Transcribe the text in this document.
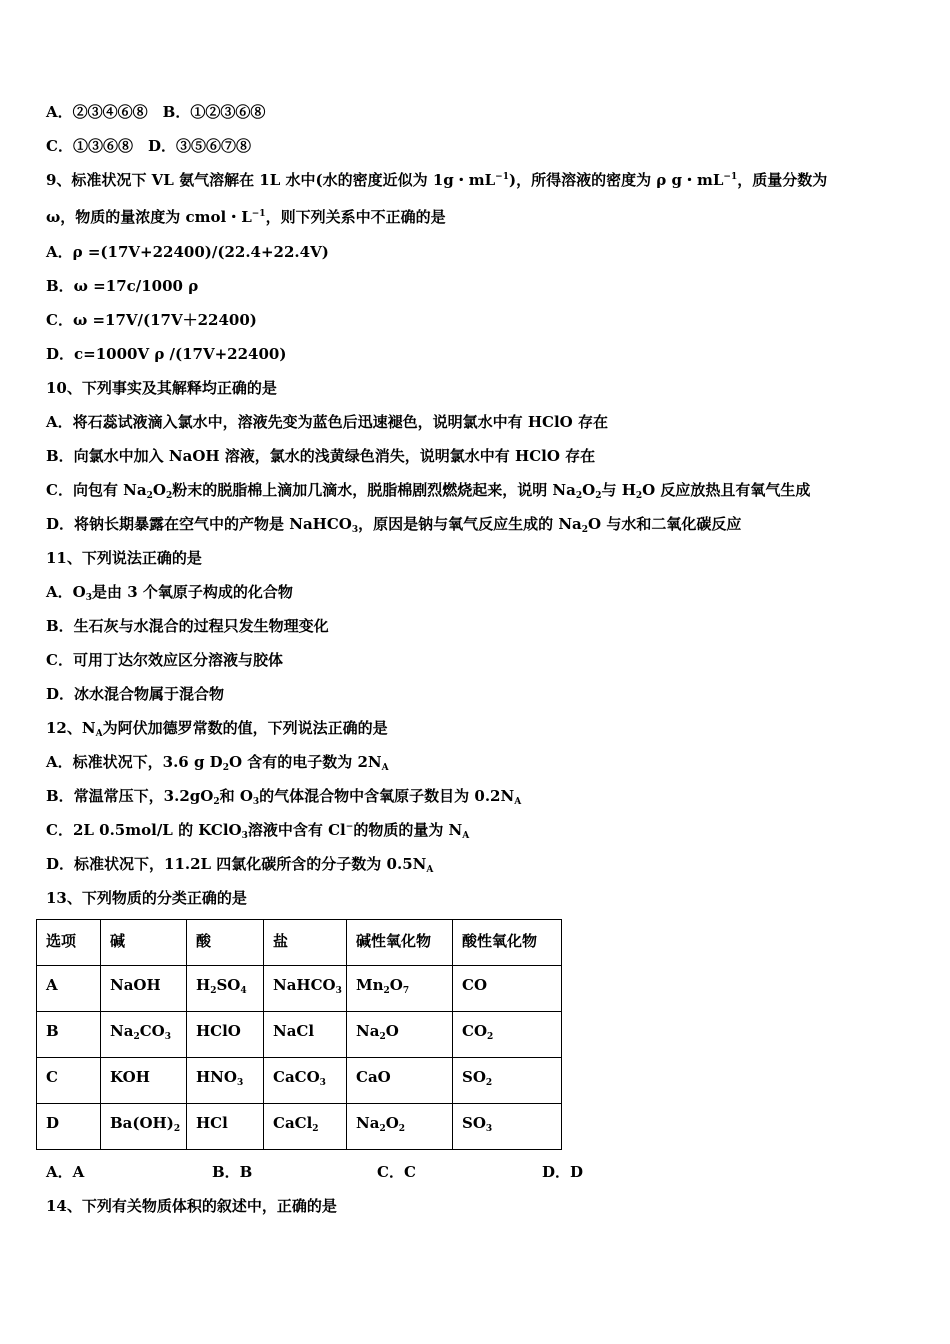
A．②③④⑥⑧　B．①②③⑥⑧
C．①③⑥⑧　D．③⑤⑥⑦⑧
9、标准状况下 VL 氨气溶解在 1L 水中(水的密度近似为 1g・$mL^{-1}$)，所得溶液的密度为 ρ g・$mL^{-1}$，质量分数为
ω，物质的量浓度为 cmol・$L^{-1}$，则下列关系中不正确的是
A．ρ =(17V+22400)/(22.4+22.4V)
B．ω =17c/1000 ρ
C．ω =17V/(17V＋22400)
D．c=1000V ρ /(17V+22400)
10、下列事实及其解释均正确的是
A．将石蕊试液滴入氯水中，溶液先变为蓝色后迅速褪色，说明氯水中有 HClO 存在
B．向氯水中加入 NaOH 溶液，氯水的浅黄绿色消失，说明氯水中有 HClO 存在
C．向包有 $Na_2O_2$粉末的脱脂棉上滴加几滴水，脱脂棉剧烈燃烧起来，说明 $Na_2O_2$与 $H_2O$ 反应放热且有氧气生成
D．将钠长期暴露在空气中的产物是 NaHCO$_3$，原因是钠与氧气反应生成的 $Na_2O$ 与水和二氧化碳反应
11、下列说法正确的是
A．$O_3$是由 3 个氧原子构成的化合物
B．生石灰与水混合的过程只发生物理变化
C．可用丁达尔效应区分溶液与胶体
D．冰水混合物属于混合物
12、$N_A$为阿伏加德罗常数的值，下列说法正确的是
A．标准状况下，3.6 g $D_2O$ 含有的电子数为 $2N_A$
B．常温常压下，$3.2gO_2$和 $O_3$的气体混合物中含氧原子数目为 $0.2N_A$
C．2L 0.5mol/L 的 KClO$_3$溶液中含有 Cl−的物质的量为 $N_A$
D．标准状况下，11.2L 四氯化碳所含的分子数为 $0.5N_A$
13、下列物质的分类正确的是
选项	碱	酸	盐	碱性氧化物	酸性氧化物
A	NaOH	$H_2SO_4$	NaHCO$_3$	$Mn_2O_7$	CO
B	$Na_2CO_3$	HClO	NaCl	$Na_2O$	$CO_2$
C	KOH	$HNO_3$	CaCO$_3$	CaO	$SO_2$
D	$Ba(OH)_2$	HCl	CaCl$_2$	$Na_2O_2$	$SO_3$
A．A	B．B	C．C	D．D
14、下列有关物质体积的叙述中，正确的是
